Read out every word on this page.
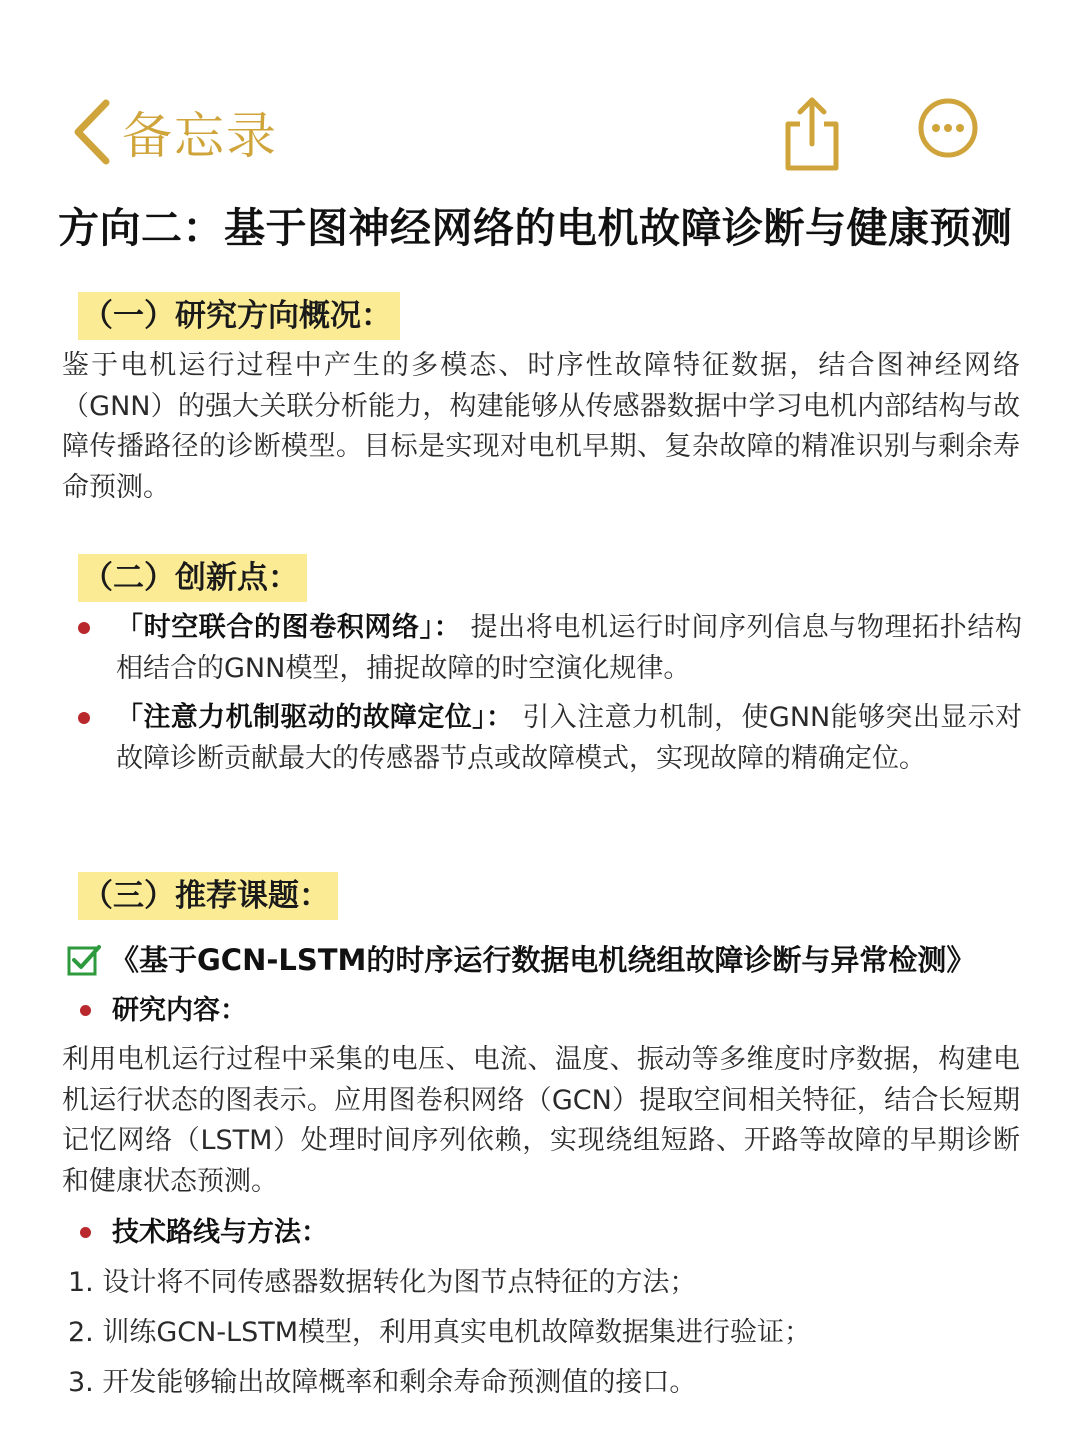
备忘录
方向二：基于图神经网络的电机故障诊断与健康预测
（一）研究方向概况：
鉴于电机运行过程中产生的多模态、时序性故障特征数据，结合图神经网络（GNN）的强大关联分析能力，构建能够从传感器数据中学习电机内部结构与故障传播路径的诊断模型。目标是实现对电机早期、复杂故障的精准识别与剩余寿命预测。
（二）创新点：
「时空联合的图卷积网络」： 提出将电机运行时间序列信息与物理拓扑结构相结合的GNN模型，捕捉故障的时空演化规律。
「注意力机制驱动的故障定位」： 引入注意力机制，使GNN能够突出显示对故障诊断贡献最大的传感器节点或故障模式，实现故障的精确定位。
（三）推荐课题：
《基于GCN-LSTM的时序运行数据电机绕组故障诊断与异常检测》
研究内容：
利用电机运行过程中采集的电压、电流、温度、振动等多维度时序数据，构建电机运行状态的图表示。应用图卷积网络（GCN）提取空间相关特征，结合长短期记忆网络（LSTM）处理时间序列依赖，实现绕组短路、开路等故障的早期诊断和健康状态预测。
技术路线与方法：
1. 设计将不同传感器数据转化为图节点特征的方法；
2. 训练GCN-LSTM模型，利用真实电机故障数据集进行验证；
3. 开发能够输出故障概率和剩余寿命预测值的接口。
